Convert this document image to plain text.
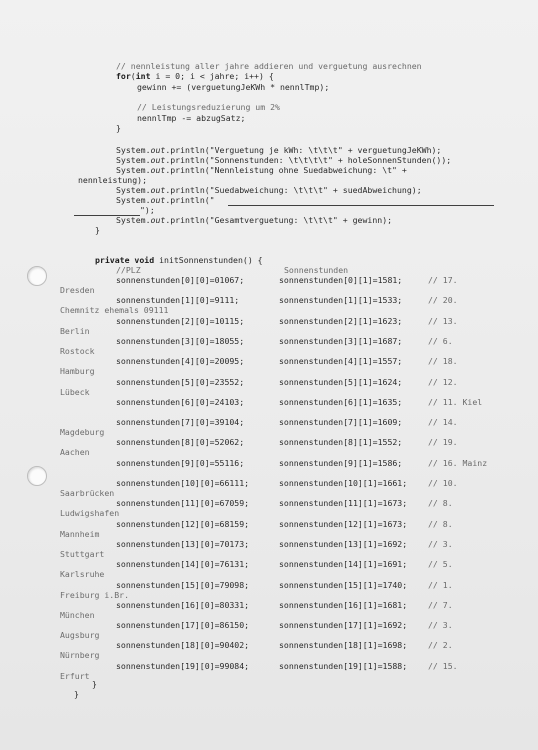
// nennleistung aller jahre addieren und verguetung ausrechnen
for(int i = 0; i < jahre; i++) {
gewinn += (verguetungJeKWh * nennlTmp);
// Leistungsreduzierung um 2%
nennlTmp -= abzugSatz;
}
System.out.println("Verguetung je kWh: \t\t\t" + verguetungJeKWh);
System.out.println("Sonnenstunden: \t\t\t\t" + holeSonnenStunden());
System.out.println("Nennleistung ohne Suedabweichung: \t" +
nennleistung);
System.out.println("Suedabweichung: \t\t\t" + suedAbweichung);
System.out.println("
");
System.out.println("Gesamtverguetung: \t\t\t" + gewinn);
}
private void initSonnenstunden() {
//PLZ	Sonnenstunden
sonnenstunden[0][0]=01067;	sonnenstunden[0][1]=1581;	// 17.
Dresden
sonnenstunden[1][0]=9111;	sonnenstunden[1][1]=1533;	// 20.
Chemnitz ehemals 09111
sonnenstunden[2][0]=10115;	sonnenstunden[2][1]=1623;	// 13.
Berlin
sonnenstunden[3][0]=18055;	sonnenstunden[3][1]=1687;	// 6.
Rostock
sonnenstunden[4][0]=20095;	sonnenstunden[4][1]=1557;	// 18.
Hamburg
sonnenstunden[5][0]=23552;	sonnenstunden[5][1]=1624;	// 12.
Lübeck
sonnenstunden[6][0]=24103;	sonnenstunden[6][1]=1635;	// 11. Kiel
sonnenstunden[7][0]=39104;	sonnenstunden[7][1]=1609;	// 14.
Magdeburg
sonnenstunden[8][0]=52062;	sonnenstunden[8][1]=1552;	// 19.
Aachen
sonnenstunden[9][0]=55116;	sonnenstunden[9][1]=1586;	// 16. Mainz
sonnenstunden[10][0]=66111;	sonnenstunden[10][1]=1661;	// 10.
Saarbrücken
sonnenstunden[11][0]=67059;	sonnenstunden[11][1]=1673;	// 8.
Ludwigshafen
sonnenstunden[12][0]=68159;	sonnenstunden[12][1]=1673;	// 8.
Mannheim
sonnenstunden[13][0]=70173;	sonnenstunden[13][1]=1692;	// 3.
Stuttgart
sonnenstunden[14][0]=76131;	sonnenstunden[14][1]=1691;	// 5.
Karlsruhe
sonnenstunden[15][0]=79098;	sonnenstunden[15][1]=1740;	// 1.
Freiburg i.Br.
sonnenstunden[16][0]=80331;	sonnenstunden[16][1]=1681;	// 7.
München
sonnenstunden[17][0]=86150;	sonnenstunden[17][1]=1692;	// 3.
Augsburg
sonnenstunden[18][0]=90402;	sonnenstunden[18][1]=1698;	// 2.
Nürnberg
sonnenstunden[19][0]=99084;	sonnenstunden[19][1]=1588;	// 15.
Erfurt
}
}
